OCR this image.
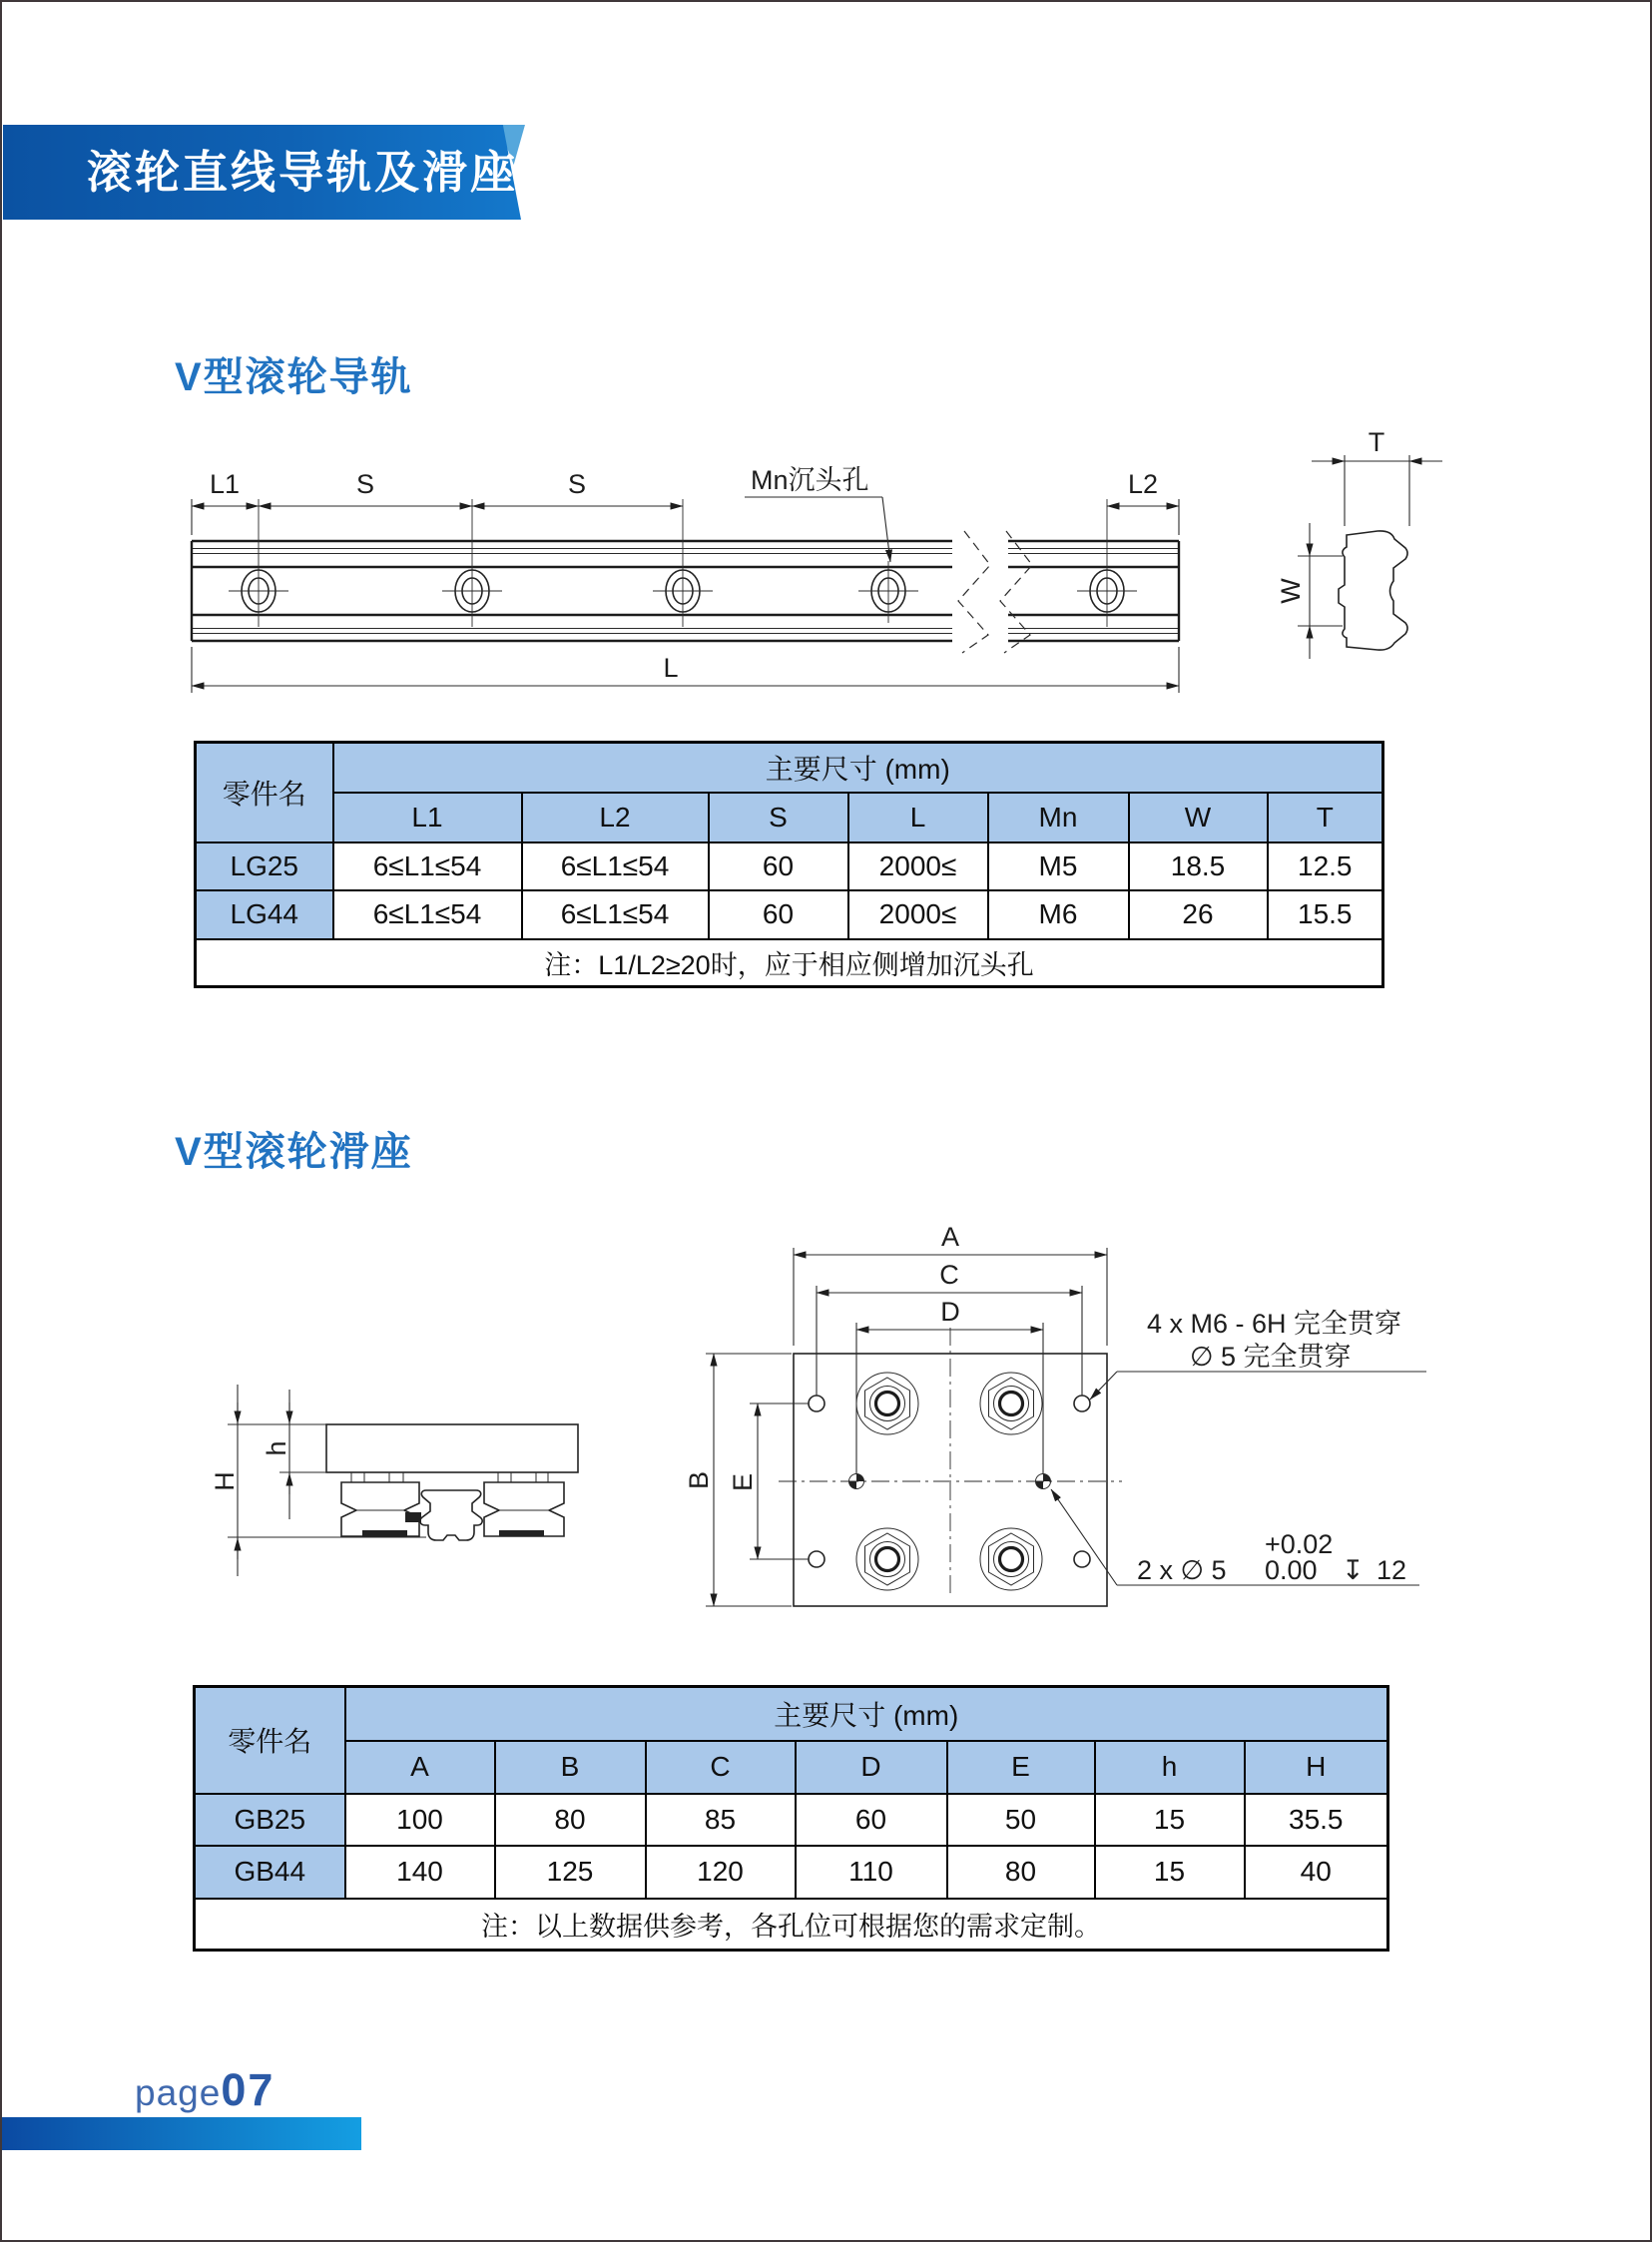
滚轮直线导轨及滑座
V型滚轮导轨
L1	S	S	Mn沉头孔	L2
L
T
W
零件名	主要尺寸 (mm)						
	L1	L2	S	L	Mn	W	T
LG25	6≤L1≤54	6≤L1≤54	60	2000≤	M5	18.5	12.5
LG44	6≤L1≤54	6≤L1≤54	60	2000≤	M6	26	15.5
注：L1/L2≥20时，应于相应侧增加沉头孔							
V型滚轮滑座
H
h
A
C
D
B E
4 x M6 - 6H 完全贯穿
∅ 5 完全贯穿
2 x ∅ 5
+0.02
0.00 ↧ 12
零件名	主要尺寸 (mm)						
	A	B	C	D	E	h	H
GB25	100	80	85	60	50	15	35.5
GB44	140	125	120	110	80	15	40
注：以上数据供参考，各孔位可根据您的需求定制。							
page 07
